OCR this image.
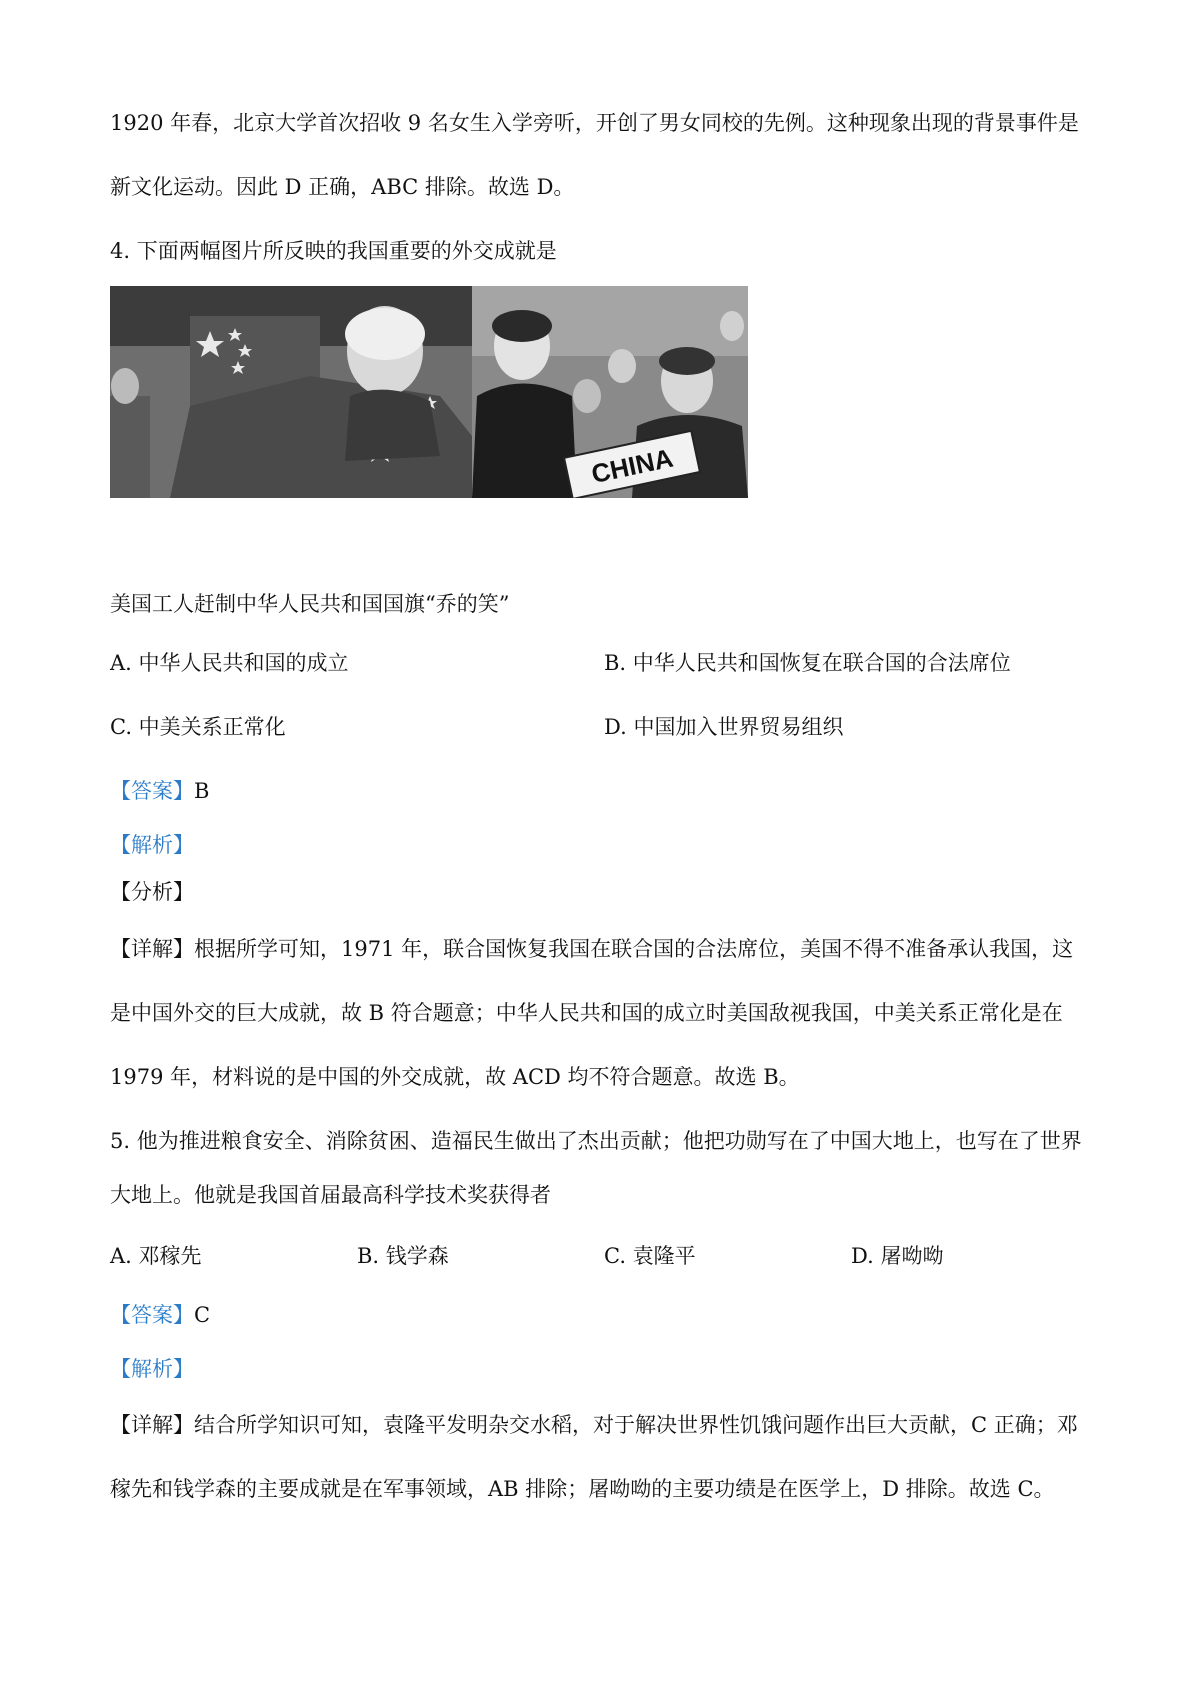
1920 年春，北京大学首次招收 9 名女生入学旁听，开创了男女同校的先例。这种现象出现的背景事件是
新文化运动。因此 D 正确，ABC 排除。故选 D。
4. 下面两幅图片所反映的我国重要的外交成就是
CHINA
美国工人赶制中华人民共和国国旗“乔的笑”
A. 中华人民共和国的成立	B. 中华人民共和国恢复在联合国的合法席位
C. 中美关系正常化	D. 中国加入世界贸易组织
【答案】B
【解析】
【分析】
【详解】根据所学可知，1971 年，联合国恢复我国在联合国的合法席位，美国不得不准备承认我国，这
是中国外交的巨大成就，故 B 符合题意；中华人民共和国的成立时美国敌视我国，中美关系正常化是在
1979 年，材料说的是中国的外交成就，故 ACD 均不符合题意。故选 B。
5. 他为推进粮食安全、消除贫困、造福民生做出了杰出贡献；他把功勋写在了中国大地上，也写在了世界
大地上。他就是我国首届最高科学技术奖获得者
A. 邓稼先	B. 钱学森	C. 袁隆平	D. 屠呦呦
【答案】C
【解析】
【详解】结合所学知识可知，袁隆平发明杂交水稻，对于解决世界性饥饿问题作出巨大贡献，C 正确；邓
稼先和钱学森的主要成就是在军事领域，AB 排除；屠呦呦的主要功绩是在医学上，D 排除。故选 C。
